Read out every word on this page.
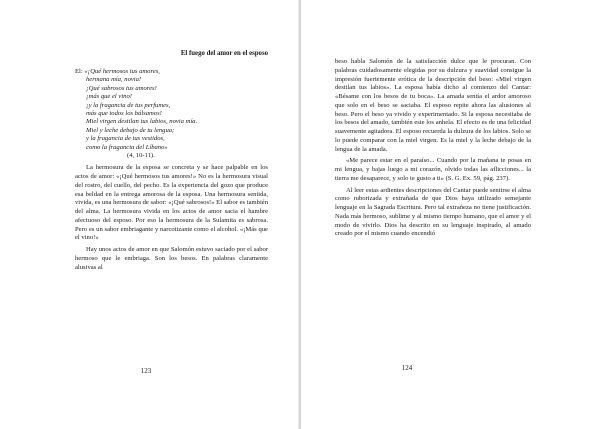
El fuego del amor en el esposo
El: «¡Qué hermosos tus amores,
hermana mía, novia!
¡Qué sabrosos tus amores!
¡más que el vino!
¡y la fragancia de tus perfumes,
más que todos los bálsamos!
Miel virgen destilan tus labios, novia mía.
Miel y leche debajo de tu lengua;
y la fragancia de tus vestidos,
como la fragancia del Líbano»
(4, 10-11).

La hermosura de la esposa se concreta y se hace palpable en los actos de amor: «¡Qué hermosos tus amores!» No es la hermosura visual del rostro, del cuello, del pecho. Es la experiencia del gozo que produce esa beldad en la entrega amorosa de la esposa. Una hermosura sentida, vivida, es una hermosura de sabor: «¡Qué sabrosos!» El sabor es también del alma. La hermosura vivida en los actos de amor sacia el hambre afectuoso del esposo. Por eso la hermosura de la Sulamita es sabrosa. Pero es un sabor embriagante y narcotizante como el alcohol. «¡Más que el vino!»

Hay unos actos de amor en que Salomón estuvo saciado por el sabor hermoso que le embriaga. Son los besos. En palabras claramente alusivas al

123

beso habla Salomón de la satisfacción dulce que le procuran. Con palabras cuidadosamente elegidas por su dulzura y suavidad consigue la impresión fuertemente erótica de la descripción del beso: «Miel virgen destilan tus labios». La esposa había dicho al comienzo del Cantar: «Bésame con los besos de tu boca». La amada sentía el ardor amoroso que solo en el beso se saciaba. El esposo repite ahora las alusiones al beso. Pero el beso ya vivido y experimentado. Si la esposa necesitaba de los besos del amado, también este los anhela. El efecto es de una felicidad suavemente agitadora. El esposo recuerda la dulzura de los labios. Solo se lo puede comparar con la miel virgen. Es la miel y la leche debajo de la lengua de la amada.

«Me parece estar en el paraíso... Cuando por la mañana te posas en mi lengua, y bajas luego a mi corazón, olvido todas las aflicciones... la tierra me desaparece, y solo te gusto a ti» (S. G. Ex. 59, pág. 237).

Al leer estas ardientes descripciones del Cantar puede sentirse el alma como ruborizada y extrañada de que Dios haya utilizado semejante lenguaje en la Sagrada Escritura. Pero tal extrañeza no tiene justificación. Nada más hermoso, sublime y al mismo tiempo humano, que el amor y el modo de vivirlo. Dios ha descrito en su lenguaje inspirado, al amado creado por el mismo cuando encendió

124
